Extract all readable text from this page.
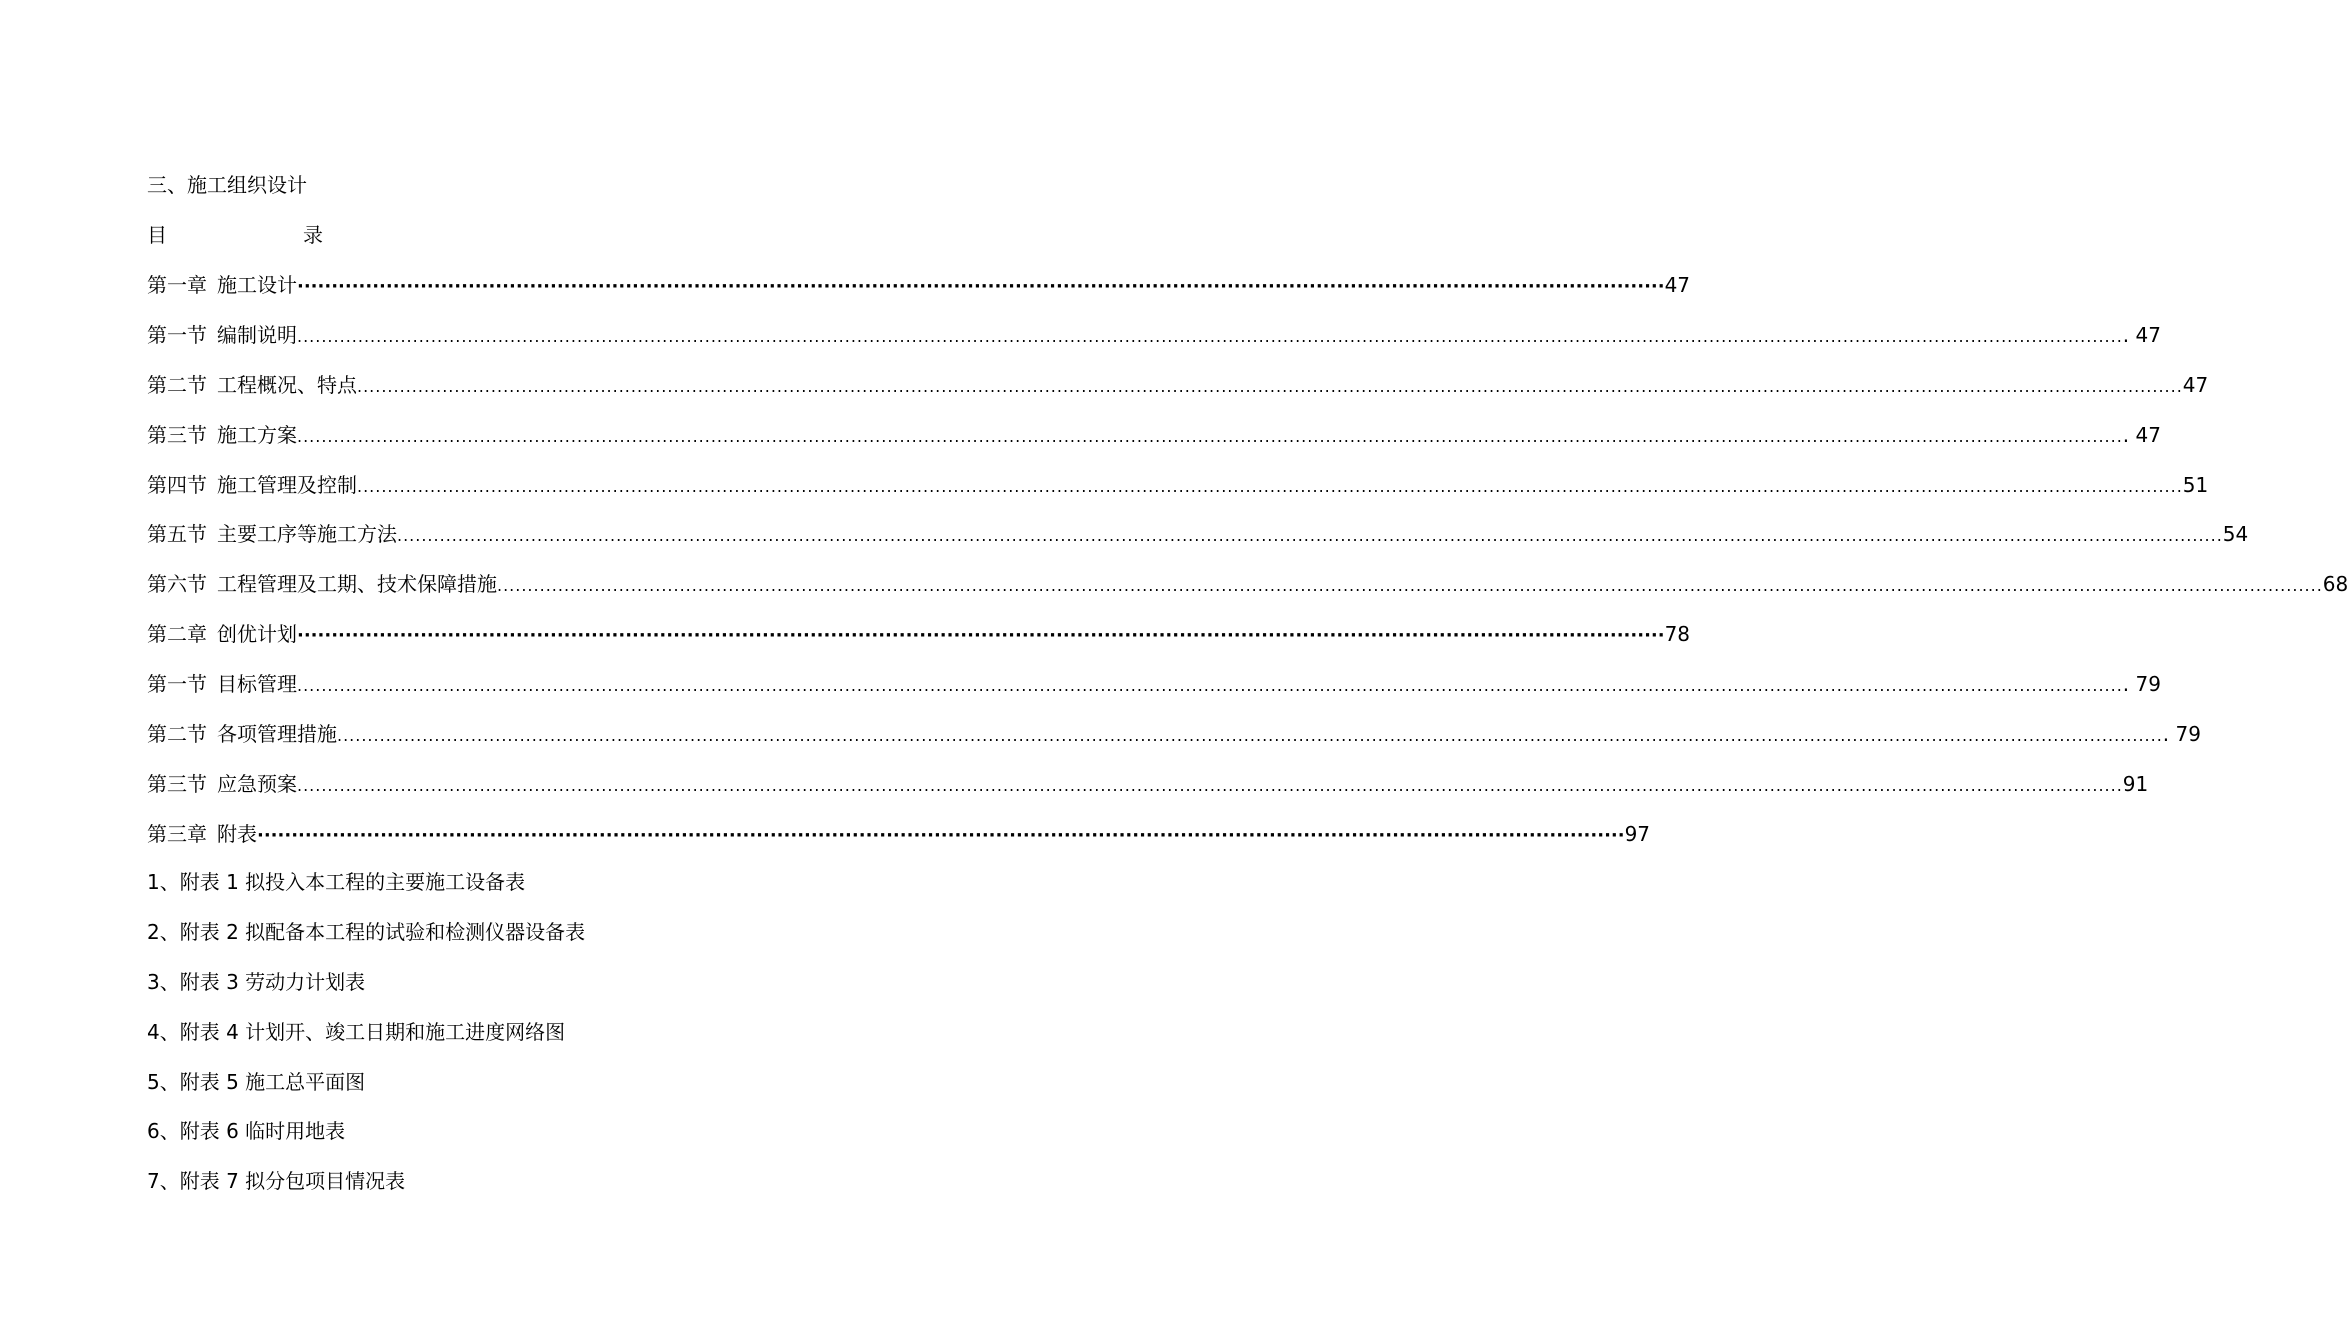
三、施工组织设计
目	录
第一章 施工设计 ········································································································································································································ 47
第一节 编制说明 ............................................................................................................................................................................................................................................................................................................ . 47
第二节 工程概况、特点 ............................................................................................................................................................................................................................................................................................................ 47
第三节 施工方案 ............................................................................................................................................................................................................................................................................................................ . 47
第四节 施工管理及控制 ............................................................................................................................................................................................................................................................................................................ 51
第五节 主要工序等施工方法 ............................................................................................................................................................................................................................................................................................................ 54
第六节 工程管理及工期、技术保障措施 ............................................................................................................................................................................................................................................................................................................ 68
第二章 创优计划 ········································································································································································································ 78
第一节 目标管理 ............................................................................................................................................................................................................................................................................................................ . 79
第二节 各项管理措施 ............................................................................................................................................................................................................................................................................................................ . 79
第三节 应急预案 ............................................................................................................................................................................................................................................................................................................ 91
第三章 附表 ········································································································································································································ 97
1、附表 1 拟投入本工程的主要施工设备表
2、附表 2 拟配备本工程的试验和检测仪器设备表
3、附表 3 劳动力计划表
4、附表 4 计划开、竣工日期和施工进度网络图
5、附表 5 施工总平面图
6、附表 6 临时用地表
7、附表 7 拟分包项目情况表
